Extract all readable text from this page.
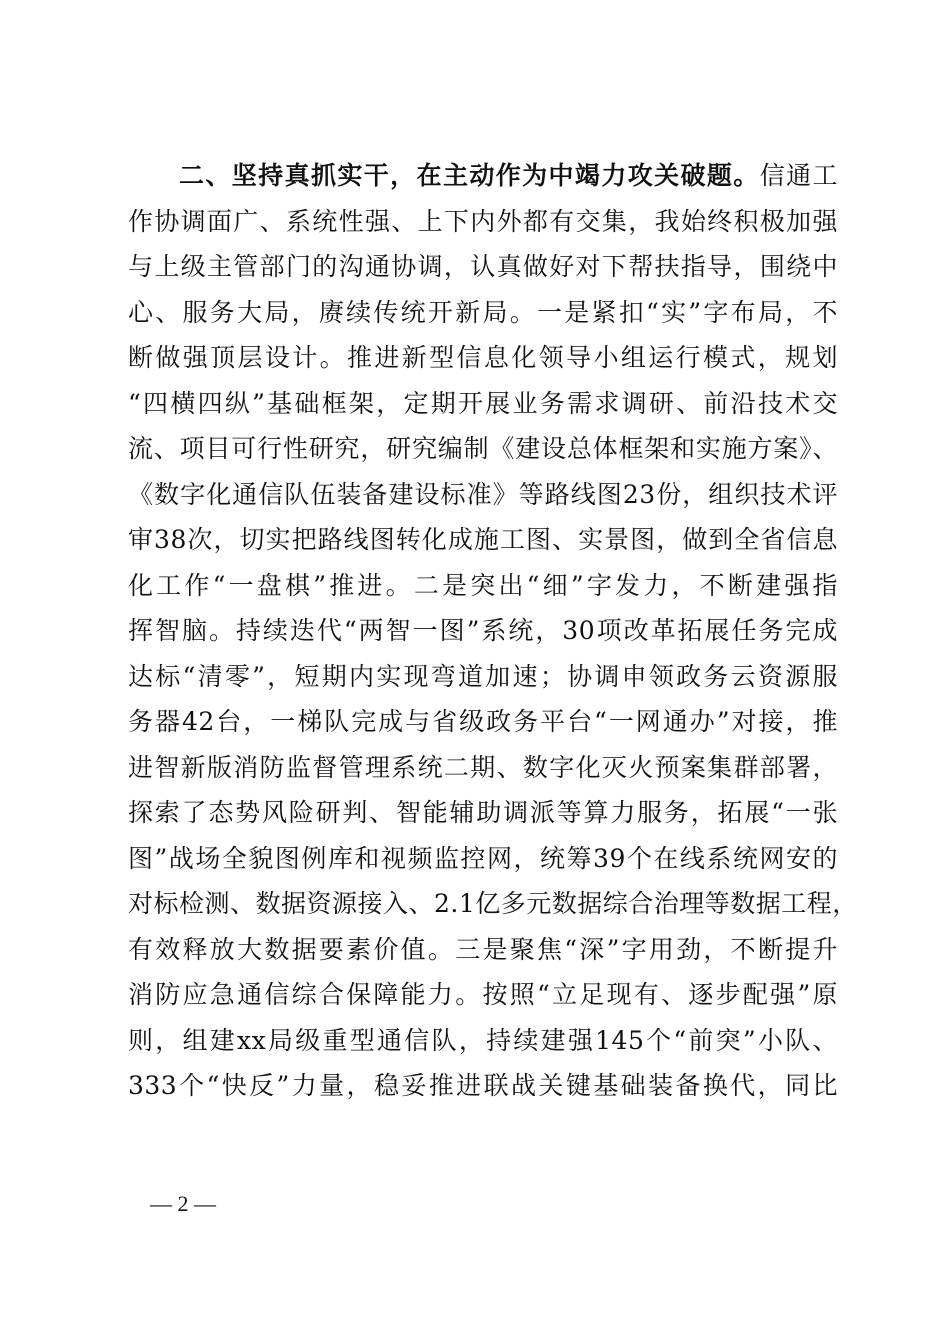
二、坚持真抓实干，在主动作为中竭力攻关破题。信通工
作协调面广、系统性强、上下内外都有交集，我始终积极加强
与上级主管部门的沟通协调，认真做好对下帮扶指导，围绕中
心、服务大局，赓续传统开新局。一是紧扣“实”字布局，不
断做强顶层设计。推进新型信息化领导小组运行模式，规划
“四横四纵”基础框架，定期开展业务需求调研、前沿技术交
流、项目可行性研究，研究编制《建设总体框架和实施方案》、
《数字化通信队伍装备建设标准》等路线图23份，组织技术评
审38次，切实把路线图转化成施工图、实景图，做到全省信息
化工作“一盘棋”推进。二是突出“细”字发力，不断建强指
挥智脑。持续迭代“两智一图”系统，30项改革拓展任务完成
达标“清零”，短期内实现弯道加速；协调申领政务云资源服
务器42台，一梯队完成与省级政务平台“一网通办”对接，推
进智新版消防监督管理系统二期、数字化灭火预案集群部署，
探索了态势风险研判、智能辅助调派等算力服务，拓展“一张
图”战场全貌图例库和视频监控网，统筹39个在线系统网安的
对标检测、数据资源接入、2.1亿多元数据综合治理等数据工程，
有效释放大数据要素价值。三是聚焦“深”字用劲，不断提升
消防应急通信综合保障能力。按照“立足现有、逐步配强”原
则，组建xx局级重型通信队，持续建强145个“前突”小队、
333个“快反”力量，稳妥推进联战关键基础装备换代，同比
— 2 —
